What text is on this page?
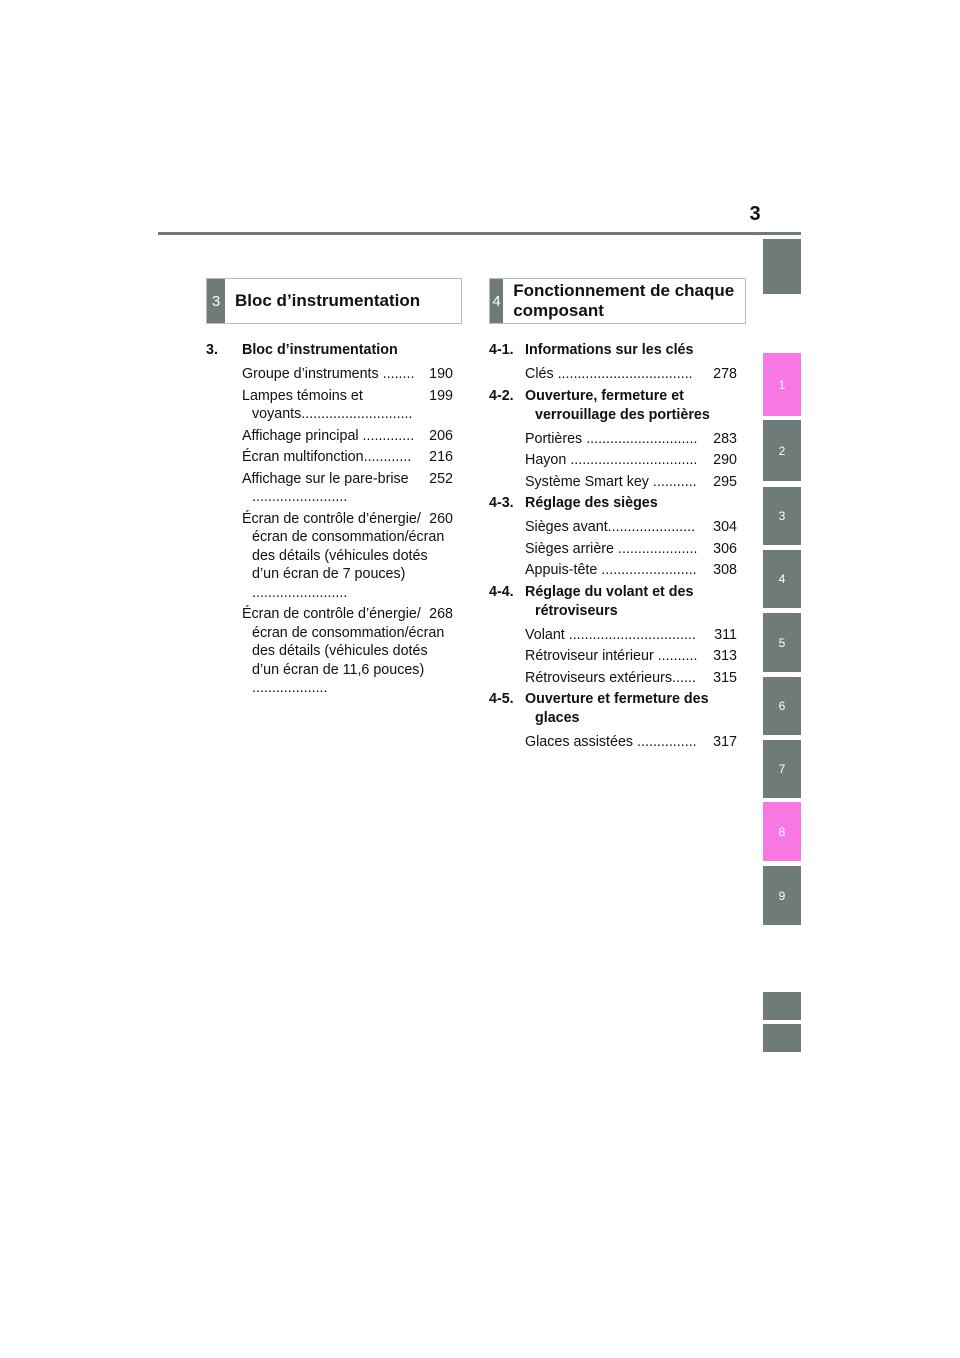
3
3 Bloc d’instrumentation	4
Fonctionnement de chaque composant
3.	Bloc d’instrumentation
190
Groupe d’instruments ........
199
Lampes témoins et voyants............................
206
Affichage principal .............
216
Écran multifonction............
252
Affichage sur le pare-brise ........................
260
Écran de contrôle d’énergie/écran de consommation/écran des détails (véhicules dotés d’un écran de 7 pouces) ........................
268
Écran de contrôle d’énergie/écran de consommation/écran des détails (véhicules dotés d’un écran de 11,6 pouces) ...................
4-1. Informations sur les clés
278
Clés ..................................
4-2. Ouverture, fermeture et verrouillage des portières
283
Portières ............................
290
Hayon ................................
295
Système Smart key ...........
4-3. Réglage des sièges
304
Sièges avant......................
306
Sièges arrière ....................
308
Appuis-tête ........................
4-4. Réglage du volant et des rétroviseurs
311
Volant ................................
313
Rétroviseur intérieur ..........
315
Rétroviseurs extérieurs......
4-5. Ouverture et fermeture des glaces
317
Glaces assistées ...............
1
2
3
4
5
6
7
8
9
